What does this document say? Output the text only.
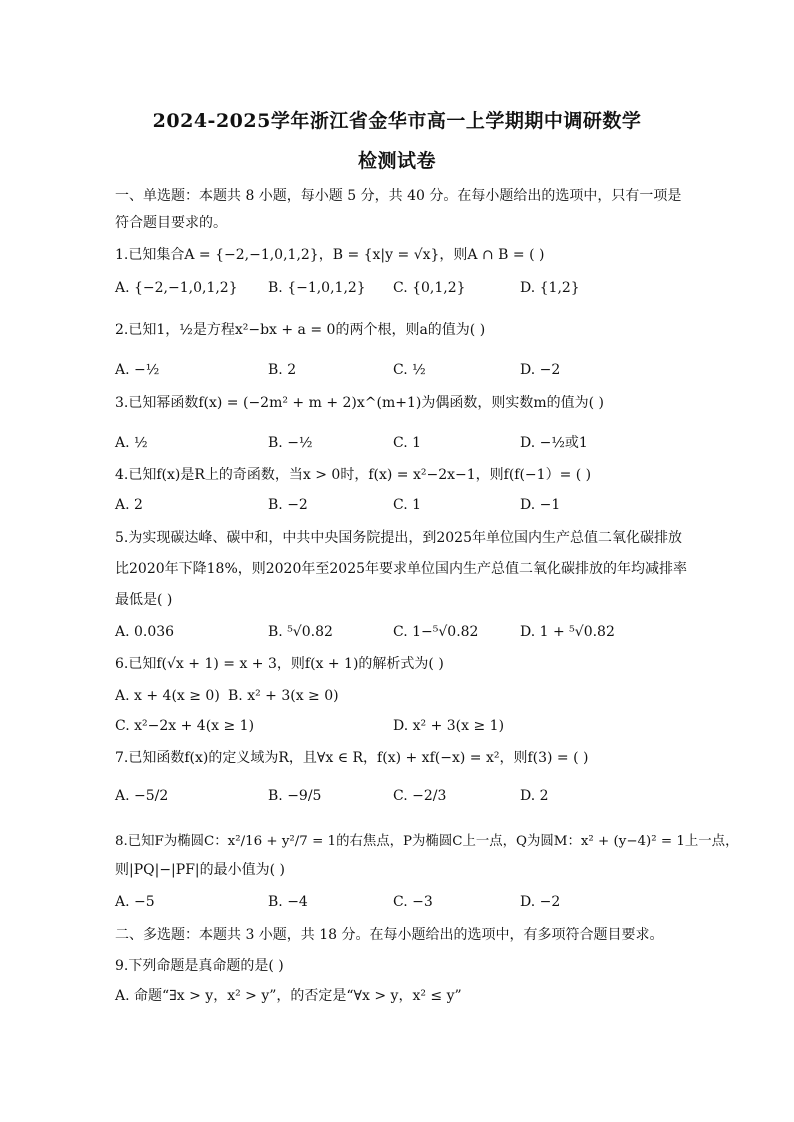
2024-2025学年浙江省金华市高一上学期期中调研数学
检测试卷
一、单选题：本题共 8 小题，每小题 5 分，共 40 分。在每小题给出的选项中，只有一项是
符合题目要求的。
1.已知集合A = {−2,−1,0,1,2}，B = {x|y = √x}，则A ∩ B = ( )
A. {−2,−1,0,1,2} B. {−1,0,1,2} C. {0,1,2}	D. {1,2}
2.已知1，½是方程x²−bx + a = 0的两个根，则a的值为( )
A. −½	B. 2	C. ½	D. −2
3.已知幂函数f(x) = (−2m² + m + 2)x^(m+1)为偶函数，则实数m的值为( )
A. ½	B. −½	C. 1	D. −½或1
4.已知f(x)是R上的奇函数，当x > 0时，f(x) = x²−2x−1，则f(f(−1）= ( )
A. 2	B. −2	C. 1	D. −1
5.为实现碳达峰、碳中和，中共中央国务院提出，到2025年单位国内生产总值二氧化碳排放
比2020年下降18%，则2020年至2025年要求单位国内生产总值二氧化碳排放的年均减排率
最低是( )
A. 0.036	B. ⁵√0.82	C. 1−⁵√0.82	D. 1 + ⁵√0.82
6.已知f(√x + 1) = x + 3，则f(x + 1)的解析式为( )
A. x + 4(x ≥ 0) B. x² + 3(x ≥ 0)
C. x²−2x + 4(x ≥ 1)	D. x² + 3(x ≥ 1)
7.已知函数f(x)的定义域为R，且∀x ∈ R，f(x) + xf(−x) = x²，则f(3) = ( )
A. −5/2	B. −9/5	C. −2/3	D. 2
8.已知F为椭圆C：x²/16 + y²/7 = 1的右焦点，P为椭圆C上一点，Q为圆M：x² + (y−4)² = 1上一点，
则|PQ|−|PF|的最小值为( )
A. −5	B. −4	C. −3	D. −2
二、多选题：本题共 3 小题，共 18 分。在每小题给出的选项中，有多项符合题目要求。
9.下列命题是真命题的是( )
A. 命题“∃x > y，x² > y”，的否定是“∀x > y，x² ≤ y”
